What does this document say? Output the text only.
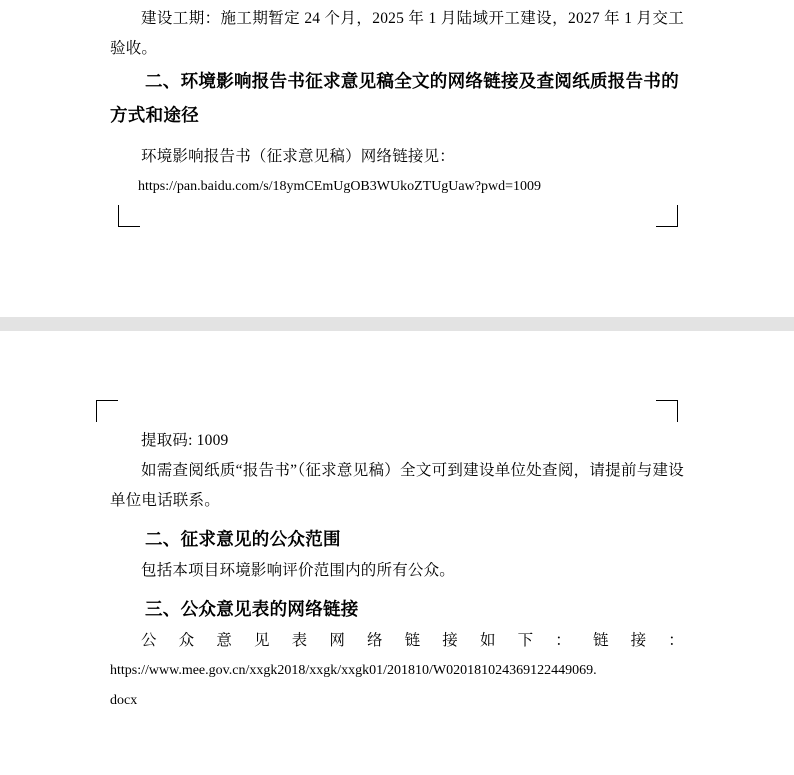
建设工期：施工期暂定 24 个月，2025 年 1 月陆域开工建设，2027 年 1 月交工验收。

二、环境影响报告书征求意见稿全文的网络链接及查阅纸质报告书的方式和途径

环境影响报告书（征求意见稿）网络链接见：

https://pan.baidu.com/s/18ymCEmUgOB3WUkoZTUgUaw?pwd=1009

提取码: 1009

如需查阅纸质“报告书”（征求意见稿）全文可到建设单位处查阅，请提前与建设单位电话联系。

二、征求意见的公众范围

包括本项目环境影响评价范围内的所有公众。

三、公众意见表的网络链接

公众意见表网络链接如下：链接：

https://www.mee.gov.cn/xxgk2018/xxgk/xxgk01/201810/W020181024369122449069.

docx
